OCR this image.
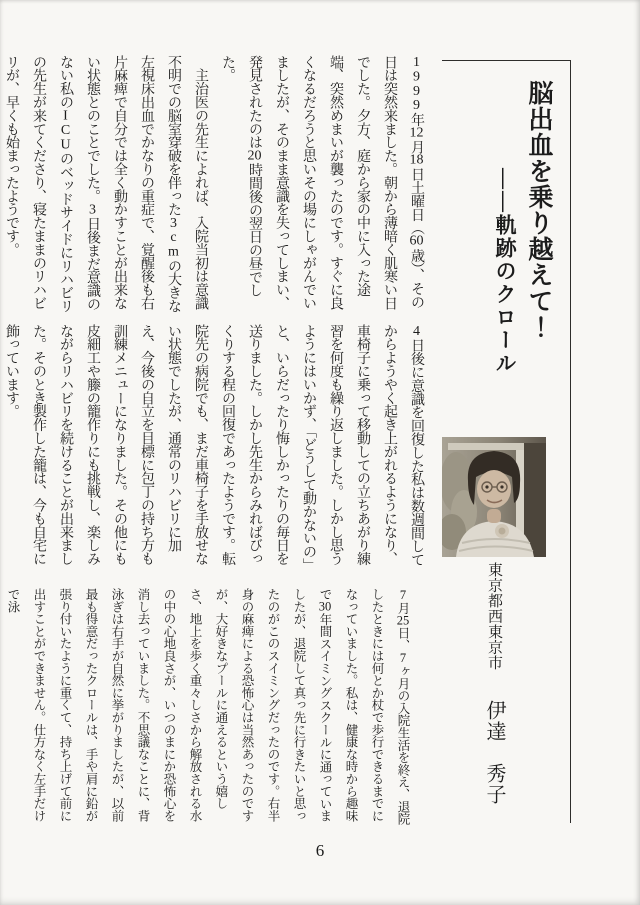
脳出血を乗り越えて！
――軌跡のクロール
東京都西東京市 伊達　秀子

1999年12月18日土曜日（60歳）、その日は突然来ました。朝から薄暗く肌寒い日でした。夕方、庭から家の中に入った途端、突然めまいが襲ったのです。すぐに良くなるだろうと思いその場にしゃがんでいましたが、そのまま意識を失ってしまい、発見されたのは20時間後の翌日の昼でした。

　主治医の先生によれば、入院当初は意識不明での脳室穿破を伴った3cmの大きな左視床出血でかなりの重症で、覚醒後も右片麻痺で自分では全く動かすことが出来ない状態とのことでした。3日後まだ意識のない私のICUのベッドサイドにリハビリの先生が来てくださり、寝たままのリハビリが、早くも始まったようです。

4日後に意識を回復した私は数週間してからようやく起き上がれるようになり、車椅子に乗って移動しての立ちあがり練習を何度も繰り返しました。しかし思うようにはいかず、「どうして動かないの」と、いらだったり悔しかったりの毎日を送りました。しかし先生からみればびっくりする程の回復であったようです。転院先の病院でも、まだ車椅子を手放せない状態でしたが、通常のリハビリに加え、今後の自立を目標に包丁の持ち方も訓練メニューになりました。その他にも皮細工や籐の籠作りにも挑戦し、楽しみながらリハビリを続けることが出来ました。そのとき製作した籠は、今も自宅に飾っています。

7月25日、7ヶ月の入院生活を終え、退院したときには何とか杖で歩行できるまでになっていました。私は、健康な時から趣味で30年間スイミングスクールに通っていましたが、退院して真っ先に行きたいと思ったのがこのスイミングだったのです。右半身の麻痺による恐怖心は当然あったのですが、大好きなプールに通えるという嬉しさ、地上を歩く重々しさから解放される水の中の心地良さが、いつのまにか恐怖心を消し去っていました。不思議なことに、背泳ぎは右手が自然に挙がりましたが、以前最も得意だったクロールは、手や肩に鉛が張り付いたように重くて、持ち上げて前に出すことができません。仕方なく左手だけで泳

6
